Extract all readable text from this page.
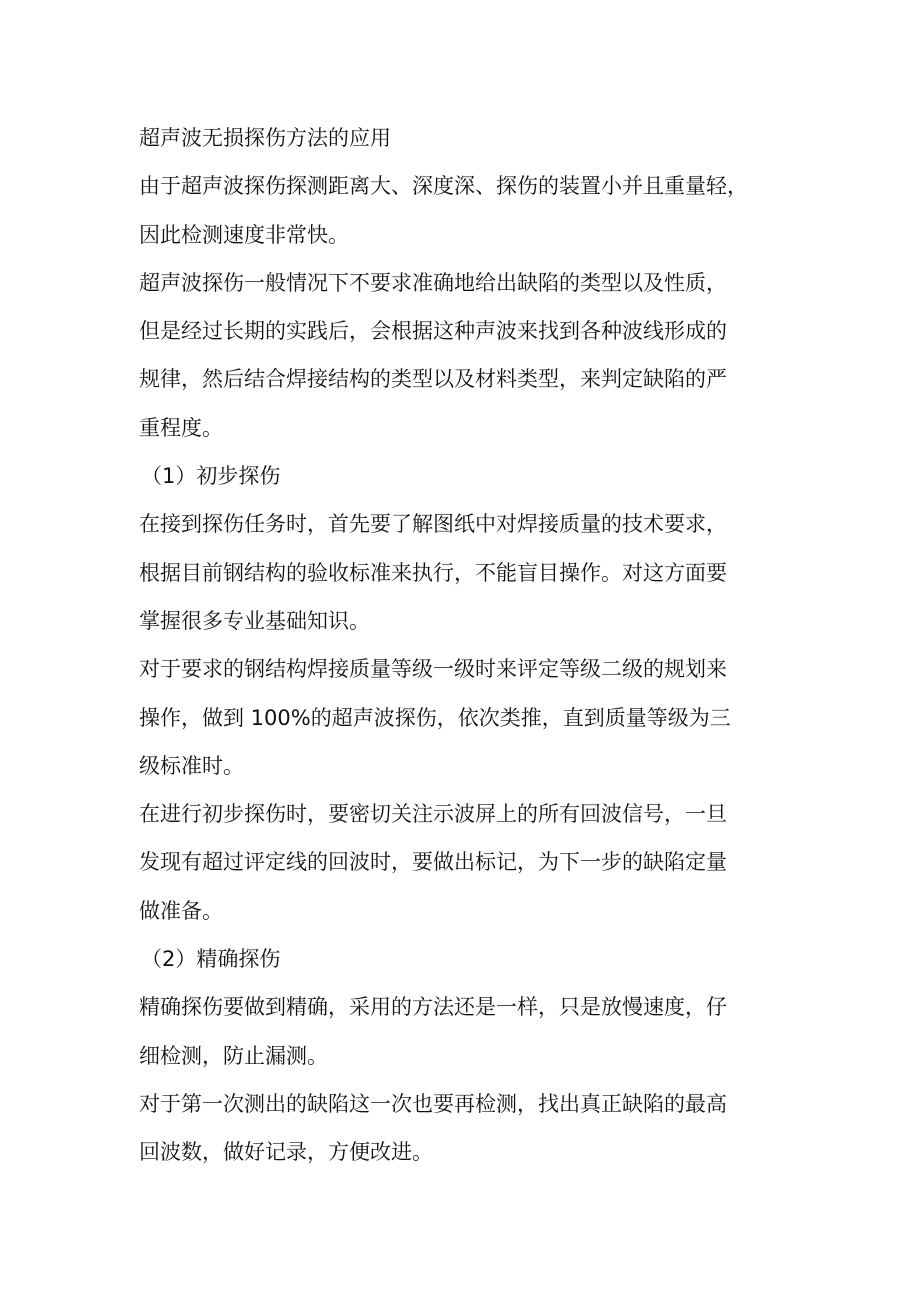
超声波无损探伤方法的应用
由于超声波探伤探测距离大、深度深、探伤的装置小并且重量轻，
因此检测速度非常快。
超声波探伤一般情况下不要求准确地给出缺陷的类型以及性质，
但是经过长期的实践后，会根据这种声波来找到各种波线形成的
规律，然后结合焊接结构的类型以及材料类型，来判定缺陷的严
重程度。
（1）初步探伤
在接到探伤任务时，首先要了解图纸中对焊接质量的技术要求，
根据目前钢结构的验收标准来执行，不能盲目操作。对这方面要
掌握很多专业基础知识。
对于要求的钢结构焊接质量等级一级时来评定等级二级的规划来
操作，做到 100%的超声波探伤，依次类推，直到质量等级为三
级标准时。
在进行初步探伤时，要密切关注示波屏上的所有回波信号，一旦
发现有超过评定线的回波时，要做出标记，为下一步的缺陷定量
做准备。
（2）精确探伤
精确探伤要做到精确，采用的方法还是一样，只是放慢速度，仔
细检测，防止漏测。
对于第一次测出的缺陷这一次也要再检测，找出真正缺陷的最高
回波数，做好记录，方便改进。
